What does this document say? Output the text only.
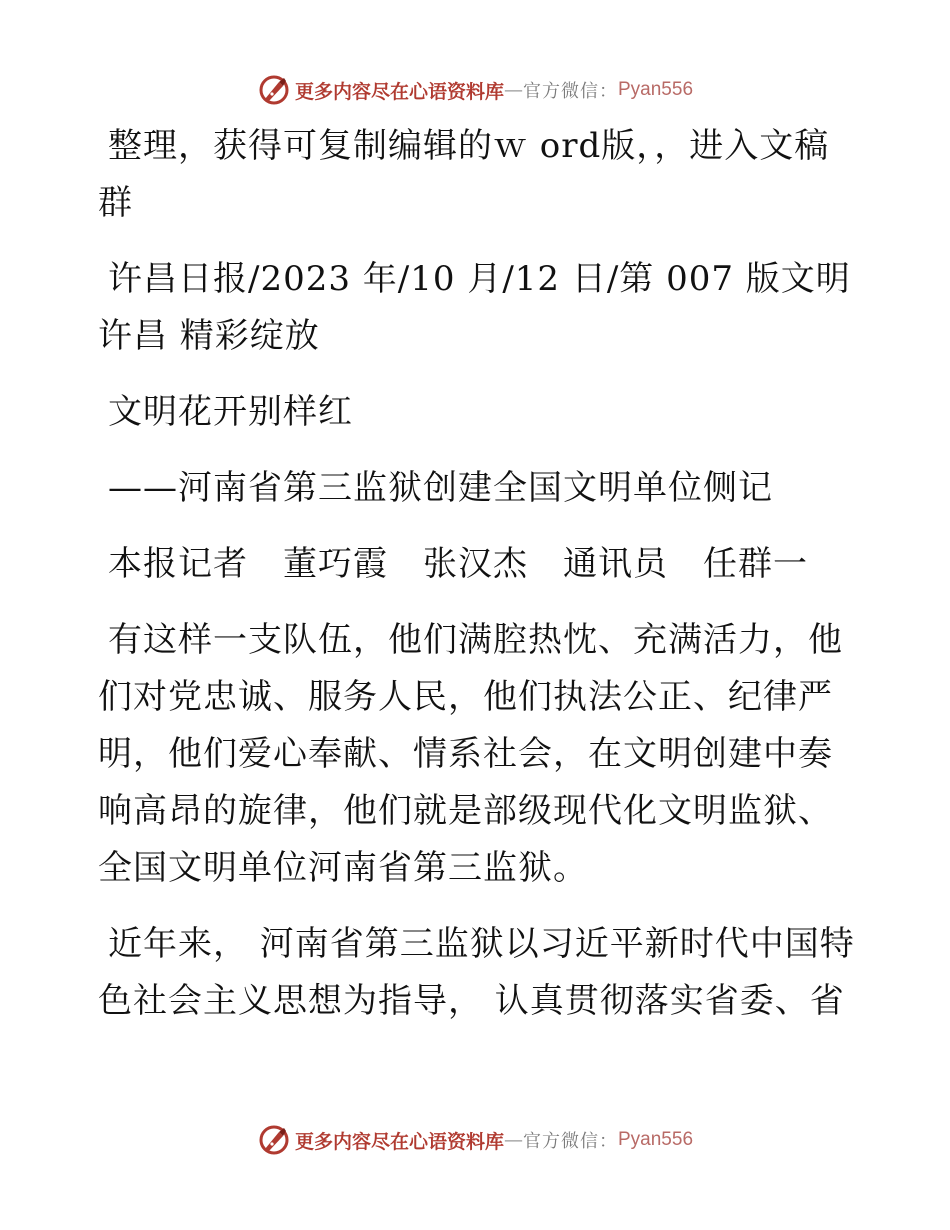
更多内容尽在心语资料库 — 官方微信： Pyan556

整理，获得可复制编辑的ｗ ord版，，进入文稿群

许昌日报/2023 年/10 月/12 日/第 007 版文明许昌 精彩绽放

文明花开别样红

——河南省第三监狱创建全国文明单位侧记

本报记者　董巧霞　张汉杰　通讯员　任群一

有这样一支队伍，他们满腔热忱、充满活力，他们对党忠诚、服务人民，他们执法公正、纪律严明，他们爱心奉献、情系社会，在文明创建中奏响高昂的旋律，他们就是部级现代化文明监狱、全国文明单位河南省第三监狱。

近年来， 河南省第三监狱以习近平新时代中国特色社会主义思想为指导， 认真贯彻落实省委、省

更多内容尽在心语资料库 — 官方微信： Pyan556
